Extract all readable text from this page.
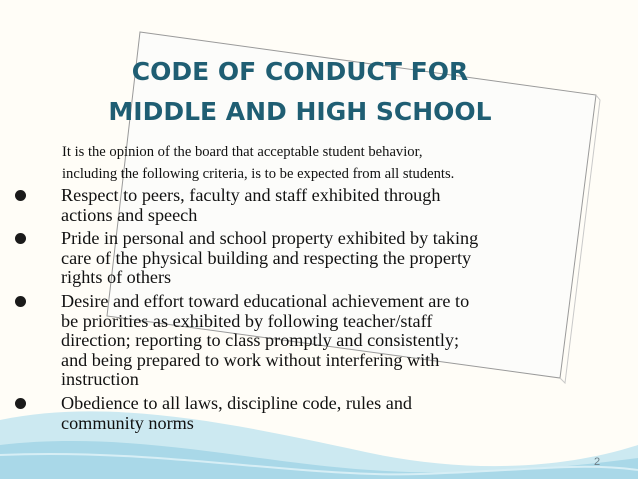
CODE OF CONDUCT FOR
MIDDLE AND HIGH SCHOOL
It is the opinion of the board that acceptable student behavior,
including the following criteria, is to be expected from all students.
Respect to peers, faculty and staff exhibited through
actions and speech
Pride in personal and school property exhibited by taking
care of the physical building and respecting the property
rights of others
Desire and effort toward educational achievement are to
be priorities as exhibited by following teacher/staff
direction; reporting to class promptly and consistently;
and being prepared to work without interfering with
instruction
Obedience to all laws, discipline code, rules and
community norms
2
